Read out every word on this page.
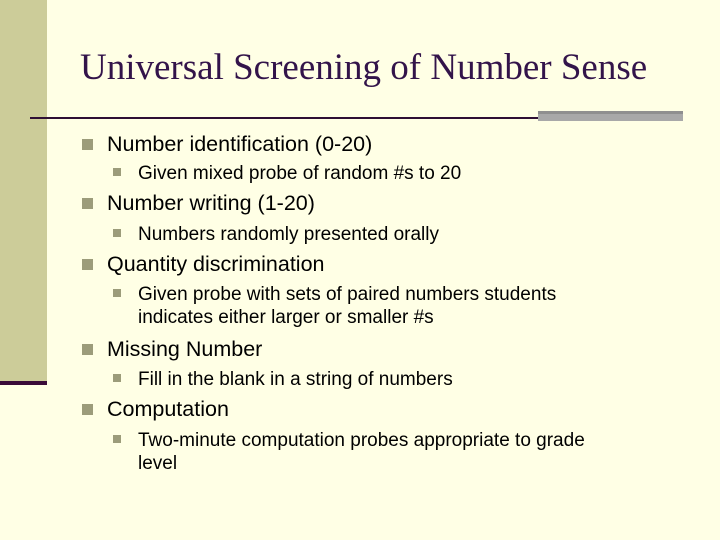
Universal Screening of Number Sense
Number identification (0-20)
Given mixed probe of random #s to 20
Number writing (1-20)
Numbers randomly presented orally
Quantity discrimination
Given probe with sets of paired numbers students
indicates either larger or smaller #s
Missing Number
Fill in the blank in a string of numbers
Computation
Two-minute computation probes appropriate to grade
level
